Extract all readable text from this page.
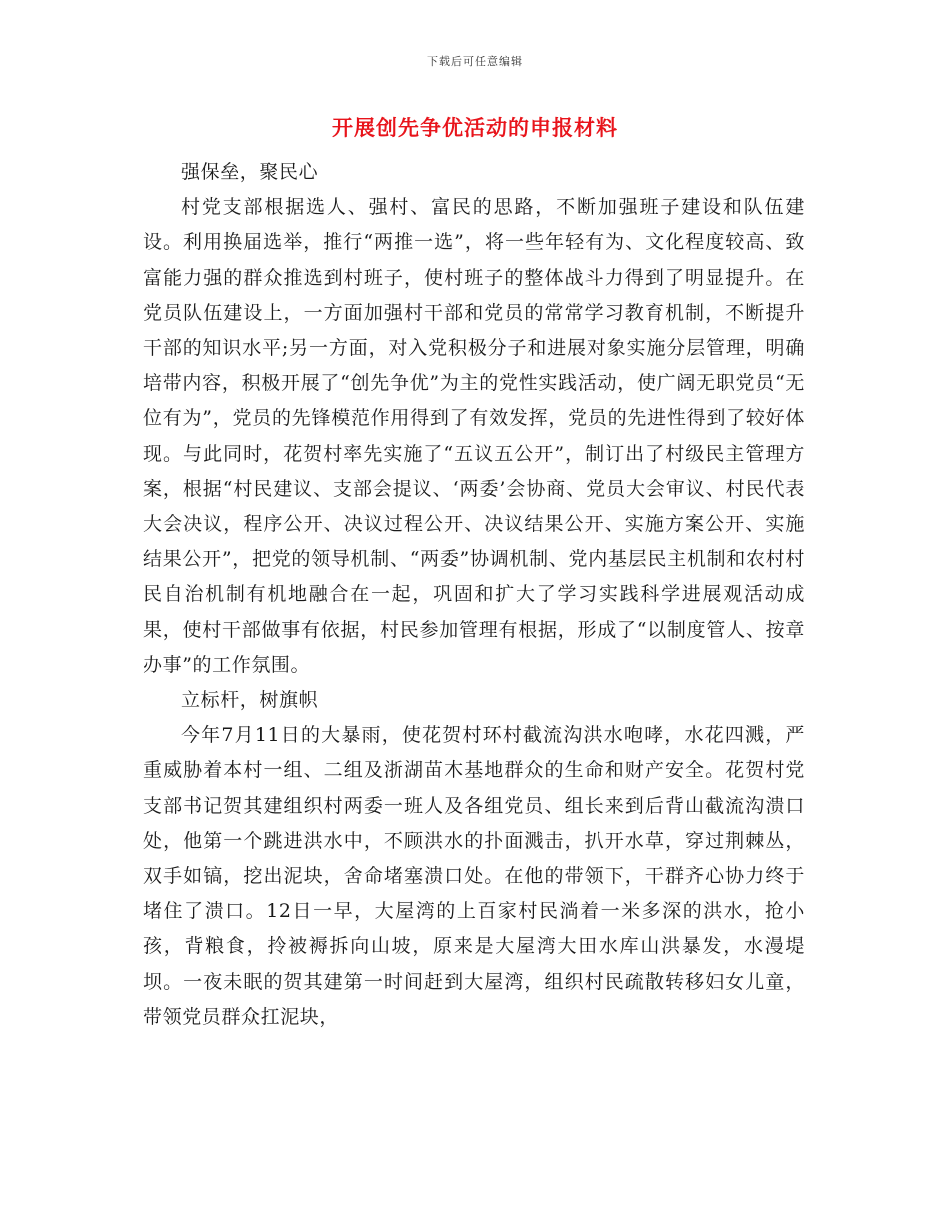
下载后可任意编辑
开展创先争优活动的申报材料

强保垒，聚民心

村党支部根据选人、强村、富民的思路，不断加强班子建设和队伍建设。利用换届选举，推行“两推一选”，将一些年轻有为、文化程度较高、致富能力强的群众推选到村班子，使村班子的整体战斗力得到了明显提升。在党员队伍建设上，一方面加强村干部和党员的常常学习教育机制，不断提升干部的知识水平;另一方面，对入党积极分子和进展对象实施分层管理，明确培带内容，积极开展了“创先争优”为主的党性实践活动，使广阔无职党员“无位有为”，党员的先锋模范作用得到了有效发挥，党员的先进性得到了较好体现。与此同时，花贺村率先实施了“五议五公开”，制订出了村级民主管理方案，根据“村民建议、支部会提议、‘两委’会协商、党员大会审议、村民代表大会决议，程序公开、决议过程公开、决议结果公开、实施方案公开、实施结果公开”，把党的领导机制、“两委”协调机制、党内基层民主机制和农村村民自治机制有机地融合在一起，巩固和扩大了学习实践科学进展观活动成果，使村干部做事有依据，村民参加管理有根据，形成了“以制度管人、按章办事”的工作氛围。

立标杆，树旗帜

今年7月11日的大暴雨，使花贺村环村截流沟洪水咆哮，水花四溅，严重威胁着本村一组、二组及浙湖苗木基地群众的生命和财产安全。花贺村党支部书记贺其建组织村两委一班人及各组党员、组长来到后背山截流沟溃口处，他第一个跳进洪水中，不顾洪水的扑面溅击，扒开水草，穿过荆棘丛，双手如镐，挖出泥块，舍命堵塞溃口处。在他的带领下，干群齐心协力终于堵住了溃口。12日一早，大屋湾的上百家村民淌着一米多深的洪水，抢小孩，背粮食，拎被褥拆向山坡，原来是大屋湾大田水库山洪暴发，水漫堤坝。一夜未眠的贺其建第一时间赶到大屋湾，组织村民疏散转移妇女儿童，带领党员群众扛泥块，
